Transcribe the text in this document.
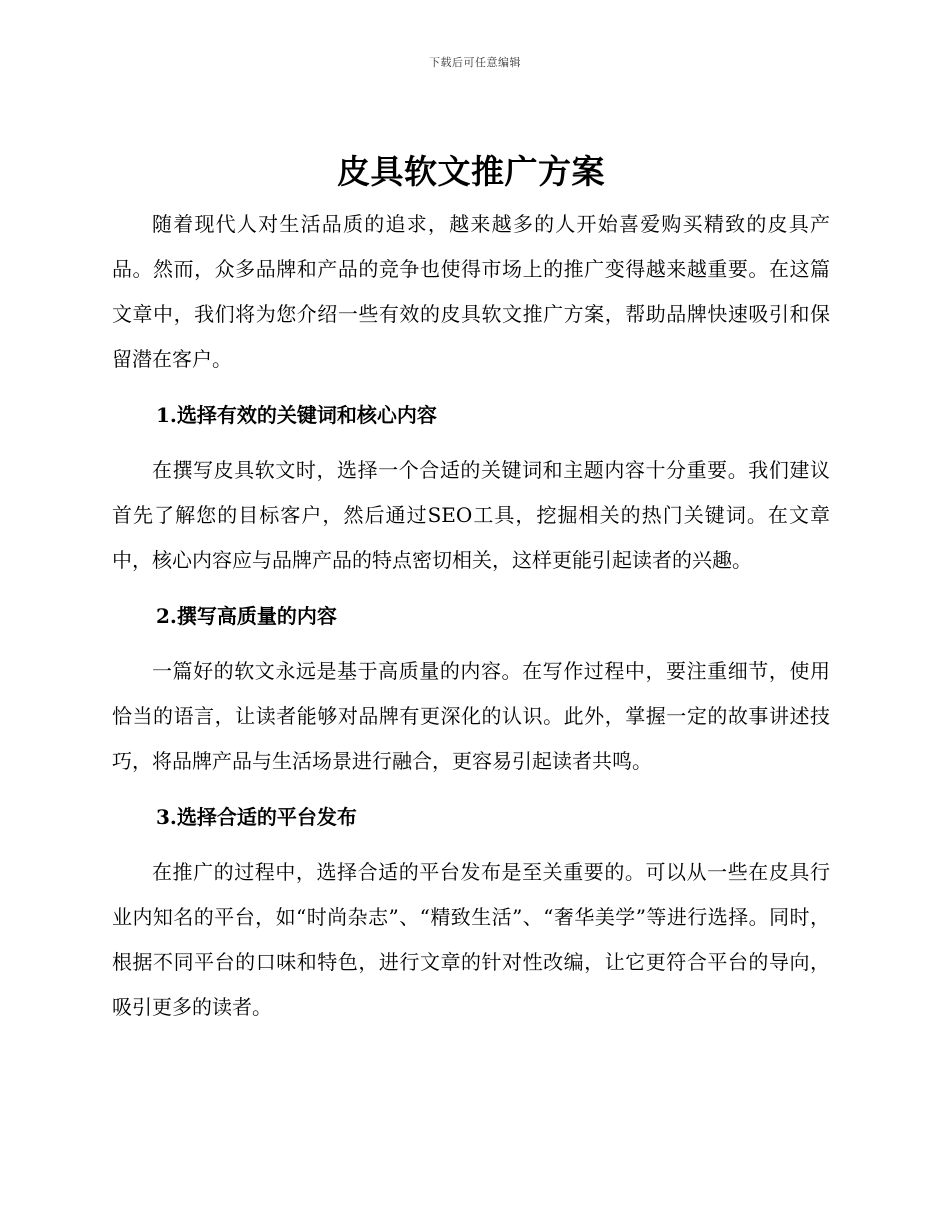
下载后可任意编辑
皮具软文推广方案

随着现代人对生活品质的追求，越来越多的人开始喜爱购买精致的皮具产品。然而，众多品牌和产品的竞争也使得市场上的推广变得越来越重要。在这篇文章中，我们将为您介绍一些有效的皮具软文推广方案，帮助品牌快速吸引和保留潜在客户。

1.选择有效的关键词和核心内容

在撰写皮具软文时，选择一个合适的关键词和主题内容十分重要。我们建议首先了解您的目标客户，然后通过SEO工具，挖掘相关的热门关键词。在文章中，核心内容应与品牌产品的特点密切相关，这样更能引起读者的兴趣。

2.撰写高质量的内容

一篇好的软文永远是基于高质量的内容。在写作过程中，要注重细节，使用恰当的语言，让读者能够对品牌有更深化的认识。此外，掌握一定的故事讲述技巧，将品牌产品与生活场景进行融合，更容易引起读者共鸣。

3.选择合适的平台发布

在推广的过程中，选择合适的平台发布是至关重要的。可以从一些在皮具行业内知名的平台，如“时尚杂志”、“精致生活”、“奢华美学”等进行选择。同时，根据不同平台的口味和特色，进行文章的针对性改编，让它更符合平台的导向，吸引更多的读者。
